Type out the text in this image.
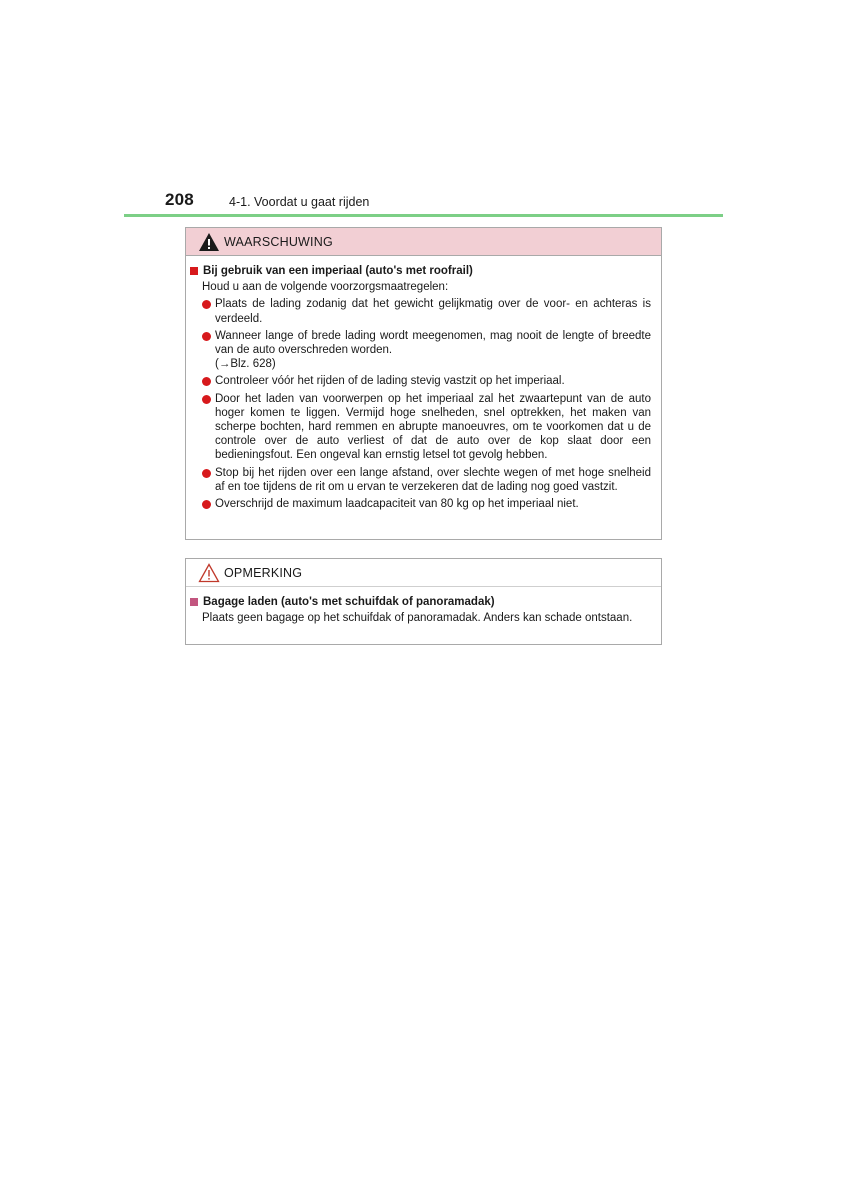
208	4-1. Voordat u gaat rijden
WAARSCHUWING
Bij gebruik van een imperiaal (auto's met roofrail)
Houd u aan de volgende voorzorgsmaatregelen:
Plaats de lading zodanig dat het gewicht gelijkmatig over de voor- en achteras is verdeeld.
Wanneer lange of brede lading wordt meegenomen, mag nooit de lengte of breedte van de auto overschreden worden.
(→Blz. 628)
Controleer vóór het rijden of de lading stevig vastzit op het imperiaal.
Door het laden van voorwerpen op het imperiaal zal het zwaartepunt van de auto hoger komen te liggen. Vermijd hoge snelheden, snel optrekken, het maken van scherpe bochten, hard remmen en abrupte manoeuvres, om te voorkomen dat u de controle over de auto verliest of dat de auto over de kop slaat door een bedieningsfout. Een ongeval kan ernstig letsel tot gevolg hebben.
Stop bij het rijden over een lange afstand, over slechte wegen of met hoge snelheid af en toe tijdens de rit om u ervan te verzekeren dat de lading nog goed vastzit.
Overschrijd de maximum laadcapaciteit van 80 kg op het imperiaal niet.
OPMERKING
Bagage laden (auto's met schuifdak of panoramadak)
Plaats geen bagage op het schuifdak of panoramadak. Anders kan schade ontstaan.
